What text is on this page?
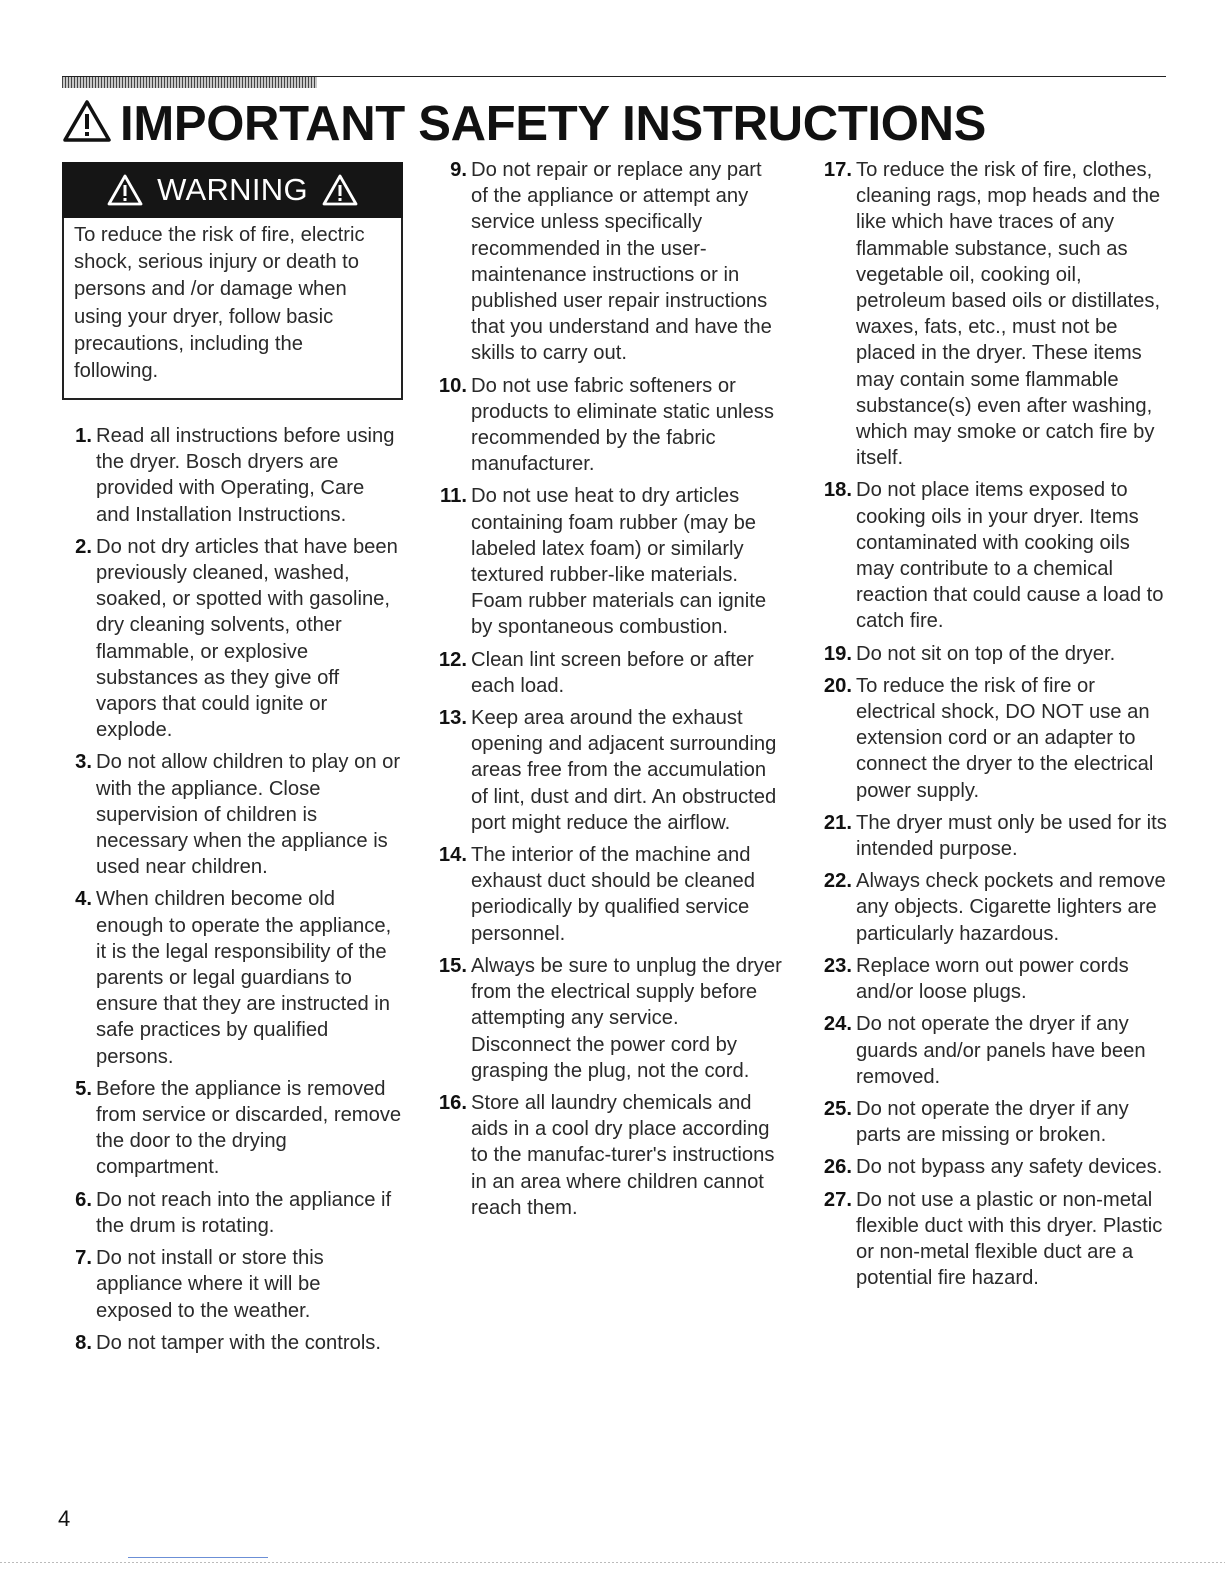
IMPORTANT SAFETY INSTRUCTIONS
WARNING
To reduce the risk of fire, electric shock, serious injury or death to persons and /or damage when using your dryer, follow basic precautions, including the following.
1. Read all instructions before using the dryer. Bosch dryers are provided with Operating, Care and Installation Instructions.
2. Do not dry articles that have been previously cleaned, washed, soaked, or spotted with gasoline, dry cleaning solvents, other flammable, or explosive substances as they give off vapors that could ignite or explode.
3. Do not allow children to play on or with the appliance. Close supervision of children is necessary when the appliance is used near children.
4. When children become old enough to operate the appliance, it is the legal responsibility of the parents or legal guardians to ensure that they are instructed in safe practices by qualified persons.
5. Before the appliance is removed from service or discarded, remove the door to the drying compartment.
6. Do not reach into the appliance if the drum is rotating.
7. Do not install or store this appliance where it will be exposed to the weather.
8. Do not tamper with the controls.
9. Do not repair or replace any part of the appliance or attempt any service unless specifically recommended in the user-maintenance instructions or in published user repair instructions that you understand and have the skills to carry out.
10. Do not use fabric softeners or products to eliminate static unless recommended by the fabric manufacturer.
11. Do not use heat to dry articles containing foam rubber (may be labeled latex foam) or similarly textured rubber-like materials. Foam rubber materials can ignite by spontaneous combustion.
12. Clean lint screen before or after each load.
13. Keep area around the exhaust opening and adjacent surrounding areas free from the accumulation of lint, dust and dirt. An obstructed port might reduce the airflow.
14. The interior of the machine and exhaust duct should be cleaned periodically by qualified service personnel.
15. Always be sure to unplug the dryer from the electrical supply before attempting any service. Disconnect the power cord by grasping the plug, not the cord.
16. Store all laundry chemicals and aids in a cool dry place according to the manufac-turer's instructions in an area where children cannot reach them.
17. To reduce the risk of fire, clothes, cleaning rags, mop heads and the like which have traces of any flammable substance, such as vegetable oil, cooking oil, petroleum based oils or distillates, waxes, fats, etc., must not be placed in the dryer. These items may contain some flammable substance(s) even after washing, which may smoke or catch fire by itself.
18. Do not place items exposed to cooking oils in your dryer. Items contaminated with cooking oils may contribute to a chemical reaction that could cause a load to catch fire.
19. Do not sit on top of the dryer.
20. To reduce the risk of fire or electrical shock, DO NOT use an extension cord or an adapter to connect the dryer to the electrical power supply.
21. The dryer must only be used for its intended purpose.
22. Always check pockets and remove any objects. Cigarette lighters are particularly hazardous.
23. Replace worn out power cords and/or loose plugs.
24. Do not operate the dryer if any guards and/or panels have been removed.
25. Do not operate the dryer if any parts are missing or broken.
26. Do not bypass any safety devices.
27. Do not use a plastic or non-metal flexible duct with this dryer. Plastic or non-metal flexible duct are a potential fire hazard.
4
